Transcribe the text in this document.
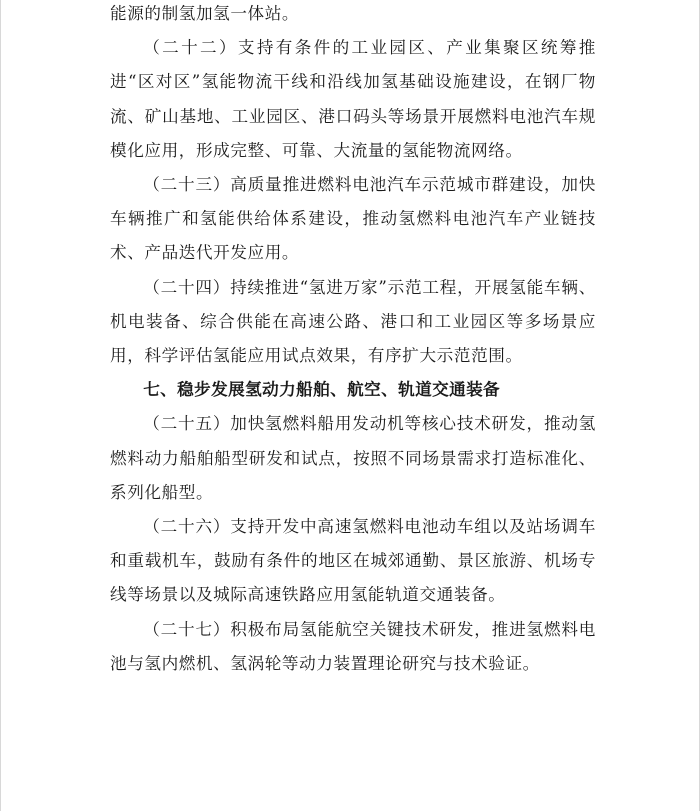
能源的制氢加氢一体站。

（二十二）支持有条件的工业园区、产业集聚区统筹推进“区对区”氢能物流干线和沿线加氢基础设施建设，在钢厂物流、矿山基地、工业园区、港口码头等场景开展燃料电池汽车规模化应用，形成完整、可靠、大流量的氢能物流网络。

（二十三）高质量推进燃料电池汽车示范城市群建设，加快车辆推广和氢能供给体系建设，推动氢燃料电池汽车产业链技术、产品迭代开发应用。

（二十四）持续推进“氢进万家”示范工程，开展氢能车辆、机电装备、综合供能在高速公路、港口和工业园区等多场景应用，科学评估氢能应用试点效果，有序扩大示范范围。

七、稳步发展氢动力船舶、航空、轨道交通装备

（二十五）加快氢燃料船用发动机等核心技术研发，推动氢燃料动力船舶船型研发和试点，按照不同场景需求打造标准化、系列化船型。

（二十六）支持开发中高速氢燃料电池动车组以及站场调车和重载机车，鼓励有条件的地区在城郊通勤、景区旅游、机场专线等场景以及城际高速铁路应用氢能轨道交通装备。

（二十七）积极布局氢能航空关键技术研发，推进氢燃料电池与氢内燃机、氢涡轮等动力装置理论研究与技术验证。
